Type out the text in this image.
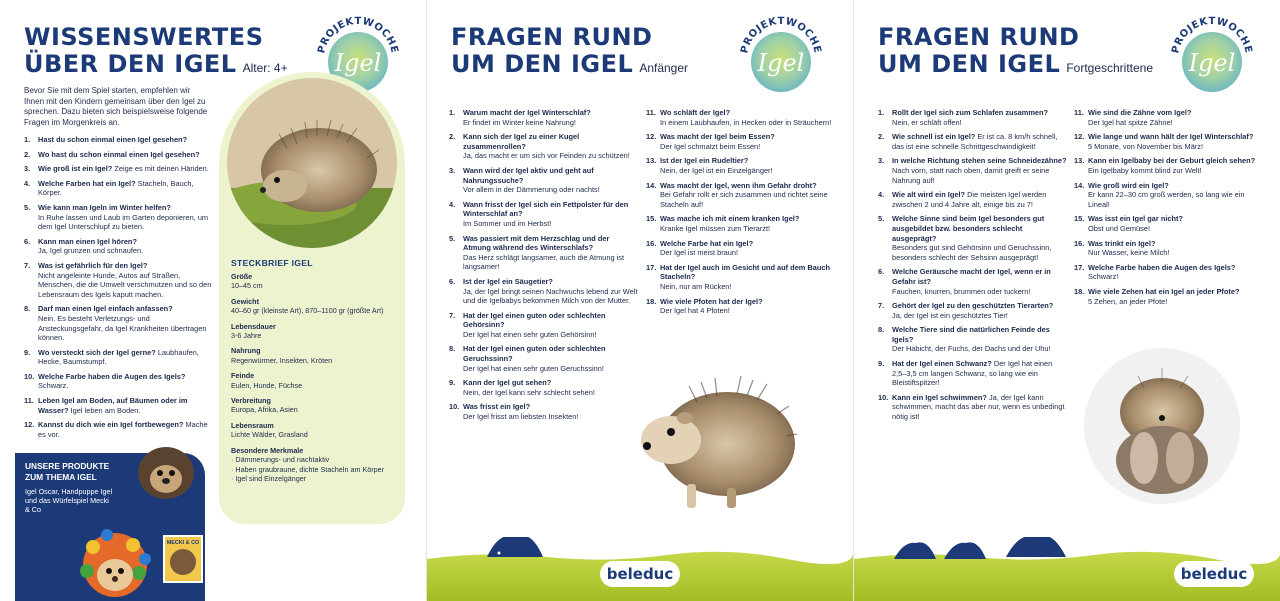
WISSENSWERTES
ÜBER DEN IGEL Alter: 4+
PROJEKTWOCHE
Igel

Bevor Sie mit dem Spiel starten, empfehlen wir Ihnen mit den Kindern gemeinsam über den Igel zu sprechen. Dazu bieten sich beispielsweise folgende Fragen im Morgenkreis an.

1. Hast du schon einmal einen Igel gesehen?
2. Wo hast du schon einmal einen Igel gesehen?
3. Wie groß ist ein Igel? Zeige es mit deinen Händen.
4. Welche Farben hat ein Igel? Stacheln, Bauch, Körper.
5. Wie kann man Igeln im Winter helfen?
In Ruhe lassen und Laub im Garten deponieren, um dem Igel Unterschlupf zu bieten.
6. Kann man einen Igel hören?
Ja, Igel grunzen und schnaufen.
7. Was ist gefährlich für den Igel?
Nicht angeleinte Hunde, Autos auf Straßen, Menschen, die die Umwelt verschmutzen und so den Lebensraum des Igels kaputt machen.
8. Darf man einen Igel einfach anfassen?
Nein. Es besteht Verletzungs- und Ansteckungsgefahr, da Igel Krankheiten übertragen können.
9. Wo versteckt sich der Igel gerne? Laubhaufen, Hecke, Baumstumpf.
10. Welche Farbe haben die Augen des Igels? Schwarz.
11. Leben Igel am Boden, auf Bäumen oder im Wasser? Igel leben am Boden.
12. Kannst du dich wie ein Igel fortbewegen? Mache es vor.
STECKBRIEF IGEL
Größe
10–45 cm
Gewicht
40–60 gr (kleinste Art), 870–1100 gr (größte Art)
Lebensdauer
3-6 Jahre
Nahrung
Regenwürmer, Insekten, Kröten
Feinde
Eulen, Hunde, Füchse
Verbreitung
Europa, Afrika, Asien
Lebensraum
Lichte Wälder, Grasland
Besondere Merkmale
· Dämmerungs- und nachtaktiv
· Haben graubraune, dichte Stacheln am Körper
· Igel sind Einzelgänger
UNSERE PRODUKTE ZUM THEMA IGEL
Igel Oscar, Handpuppe Igel und das Würfelspiel Mecki & Co
MECKI & CO
FRAGEN RUND
UM DEN IGEL Anfänger
PROJEKTWOCHE
Igel
1. Warum macht der Igel Winterschlaf?
Er findet im Winter keine Nahrung!
2. Kann sich der Igel zu einer Kugel zusammenrollen?
Ja, das macht er um sich vor Feinden zu schützen!
3. Wann wird der Igel aktiv und geht auf Nahrungssuche?
Vor allem in der Dämmerung oder nachts!
4. Wann frisst der Igel sich ein Fettpolster für den Winterschlaf an?
Im Sommer und im Herbst!
5. Was passiert mit dem Herzschlag und der Atmung während des Winterschlafs?
Das Herz schlägt langsamer, auch die Atmung ist langsamer!
6. Ist der Igel ein Säugetier?
Ja, der Igel bringt seinen Nachwuchs lebend zur Welt und die Igelbabys bekommen Milch von der Mutter.
7. Hat der Igel einen guten oder schlechten Gehörsinn?
Der Igel hat einen sehr guten Gehörsinn!
8. Hat der Igel einen guten oder schlechten Geruchssinn?
Der Igel hat einen sehr guten Geruchssinn!
9. Kann der Igel gut sehen?
Nein, der Igel kann sehr schlecht sehen!
10. Was frisst ein Igel?
Der Igel frisst am liebsten Insekten!
11. Wo schläft der Igel?
In einem Laubhaufen, in Hecken oder in Sträuchern!
12. Was macht der Igel beim Essen?
Der Igel schmatzt beim Essen!
13. Ist der Igel ein Rudeltier?
Nein, der Igel ist ein Einzelgänger!
14. Was macht der Igel, wenn ihm Gefahr droht?
Bei Gefahr rollt er sich zusammen und richtet seine Stacheln auf!
15. Was mache ich mit einem kranken Igel?
Kranke Igel müssen zum Tierarzt!
16. Welche Farbe hat ein Igel?
Der Igel ist meist braun!
17. Hat der Igel auch im Gesicht und auf dem Bauch Stacheln?
Nein, nur am Rücken!
18. Wie viele Pfoten hat der Igel?
Der Igel hat 4 Pfoten!
beleduc
FRAGEN RUND
UM DEN IGEL Fortgeschrittene
PROJEKTWOCHE
Igel
1. Rollt der Igel sich zum Schlafen zusammen?
Nein, er schläft offen!
2. Wie schnell ist ein Igel? Er ist ca. 8 km/h schnell, das ist eine schnelle Schrittgeschwindigkeit!
3. In welche Richtung stehen seine Schneidezähne?
Nach vorn, statt nach oben, damit greift er seine Nahrung auf!
4. Wie alt wird ein Igel? Die meisten Igel werden zwischen 2 und 4 Jahre alt, einige bis zu 7!
5. Welche Sinne sind beim Igel besonders gut ausgebildet bzw. besonders schlecht ausgeprägt?
Besonders gut sind Gehörsinn und Geruchssinn, besonders schlecht der Sehsinn ausgeprägt!
6. Welche Geräusche macht der Igel, wenn er in Gefahr ist?
Fauchen, knurren, brummen oder tuckern!
7. Gehört der Igel zu den geschützten Tierarten?
Ja, der Igel ist ein geschütztes Tier!
8. Welche Tiere sind die natürlichen Feinde des Igels?
Der Habicht, der Fuchs, der Dachs und der Uhu!
9. Hat der Igel einen Schwanz? Der Igel hat einen 2,5–3,5 cm langen Schwanz, so lang wie ein Bleistiftspitzer!
10. Kann ein Igel schwimmen? Ja, der Igel kann schwimmen, macht das aber nur, wenn es unbedingt nötig ist!
11. Wie sind die Zähne vom Igel?
Der Igel hat spitze Zähne!
12. Wie lange und wann hält der Igel Winterschlaf?
5 Monate, von November bis März!
13. Kann ein Igelbaby bei der Geburt gleich sehen?
Ein Igelbaby kommt blind zur Welt!
14. Wie groß wird ein Igel?
Er kann 22–30 cm groß werden, so lang wie ein Lineal!
15. Was isst ein Igel gar nicht?
Obst und Gemüse!
16. Was trinkt ein Igel?
Nur Wasser, keine Milch!
17. Welche Farbe haben die Augen des Igels?
Schwarz!
18. Wie viele Zehen hat ein Igel an jeder Pfote?
5 Zehen, an jeder Pfote!
beleduc
